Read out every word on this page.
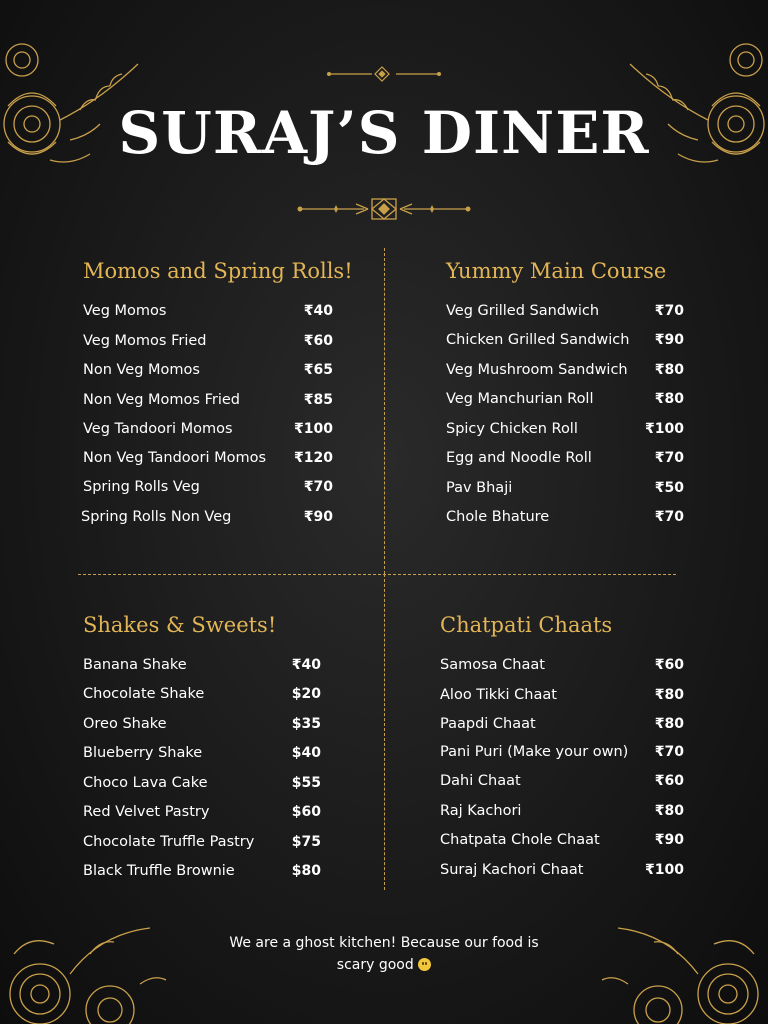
SURAJ’S DINER
Momos and Spring Rolls!
Veg Momos	₹40
Veg Momos Fried	₹60
Non Veg Momos	₹65
Non Veg Momos Fried	₹85
Veg Tandoori Momos	₹100
Non Veg Tandoori Momos	₹120
Spring Rolls Veg	₹70
Spring Rolls Non Veg	₹90
Yummy Main Course
Veg Grilled Sandwich	₹70
Chicken Grilled Sandwich	₹90
Veg Mushroom Sandwich	₹80
Veg Manchurian Roll	₹80
Spicy Chicken Roll	₹100
Egg and Noodle Roll	₹70
Pav Bhaji	₹50
Chole Bhature	₹70
Shakes & Sweets!
Banana Shake	₹40
Chocolate Shake	$20
Oreo Shake	$35
Blueberry Shake	$40
Choco Lava Cake	$55
Red Velvet Pastry	$60
Chocolate Truffle Pastry	$75
Black Truffle Brownie	$80
Chatpati Chaats
Samosa Chaat	₹60
Aloo Tikki Chaat	₹80
Paapdi Chaat	₹80
Pani Puri (Make your own)	₹70
Dahi Chaat	₹60
Raj Kachori	₹80
Chatpata Chole Chaat	₹90
Suraj Kachori Chaat	₹100
We are a ghost kitchen! Because our food is
scary good
